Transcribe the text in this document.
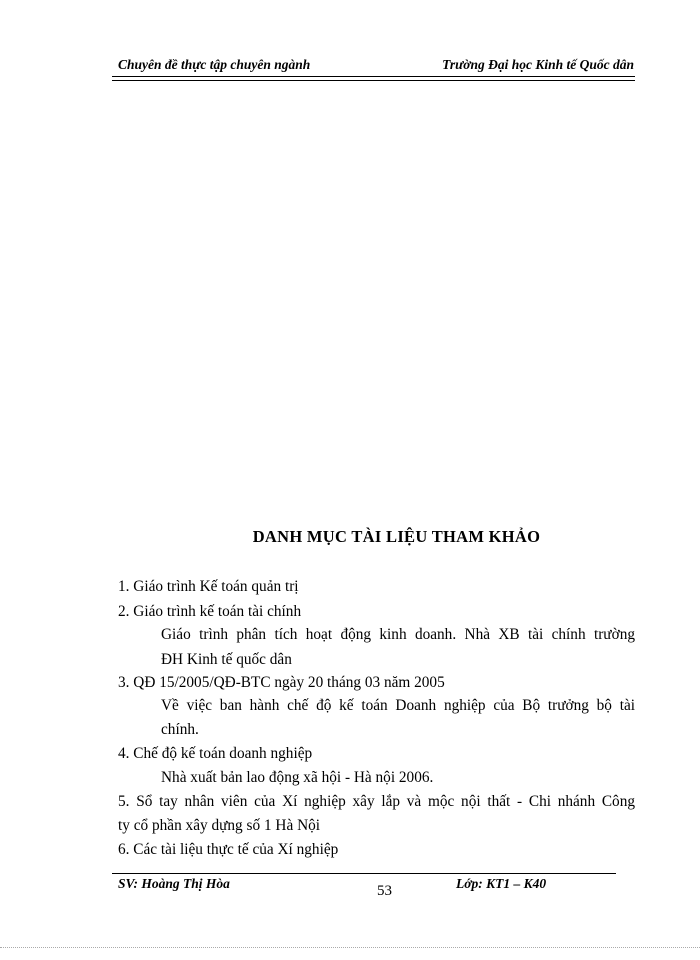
Chuyên đề thực tập chuyên ngành	Trường Đại học Kinh tế Quốc dân
DANH MỤC TÀI LIỆU THAM KHẢO
1. Giáo trình Kế toán quản trị
2. Giáo trình kế toán tài chính
Giáo trình phân tích hoạt động kinh doanh. Nhà XB tài chính trường
ĐH Kinh tế quốc dân
3. QĐ 15/2005/QĐ-BTC ngày 20 tháng 03 năm 2005
Về việc ban hành chế độ kế toán Doanh nghiệp của Bộ trưởng bộ tài
chính.
4. Chế độ kế toán doanh nghiệp
Nhà xuất bản lao động xã hội - Hà nội 2006.
5. Sổ tay nhân viên của Xí nghiệp xây lắp và mộc nội thất - Chi nhánh Công
ty cổ phần xây dựng số 1 Hà Nội
6. Các tài liệu thực tế của Xí nghiệp
SV: Hoàng Thị Hòa	53	Lớp: KT1 – K40
